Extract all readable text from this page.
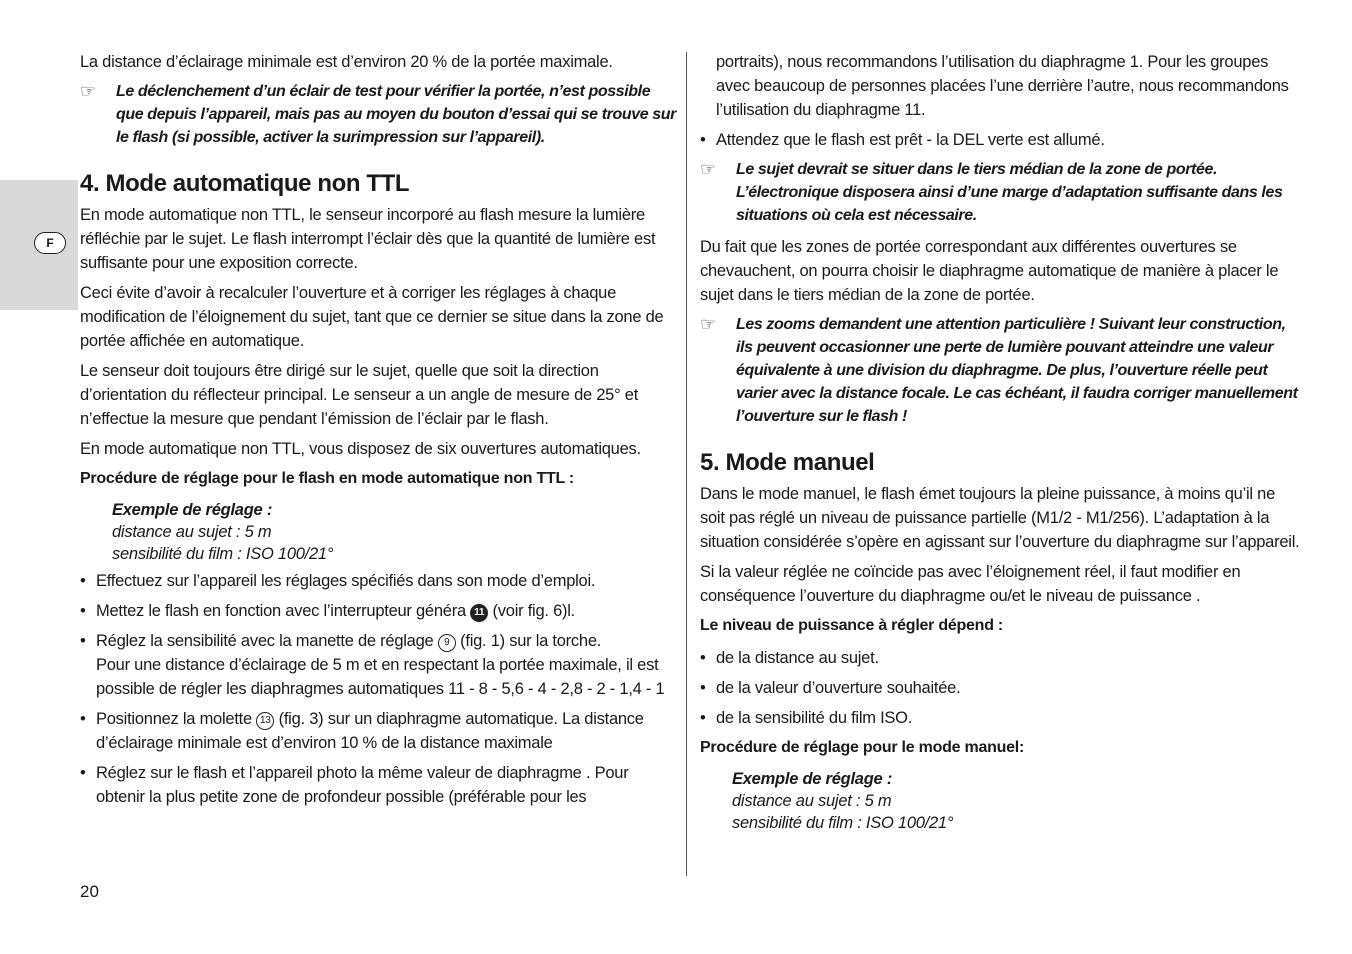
F

La distance d’éclairage minimale est d’environ 20 % de la portée maximale.

☞	Le déclenchement d’un éclair de test pour vérifier la portée, n’est possible que depuis l’appareil, mais pas au moyen du bouton d’essai qui se trouve sur le flash (si possible, activer la surimpression sur l’appareil).
4. Mode automatique non TTL

En mode automatique non TTL, le senseur incorporé au flash mesure la lumière réfléchie par le sujet. Le flash interrompt l’éclair dès que la quantité de lumière est suffisante pour une exposition correcte.

Ceci évite d’avoir à recalculer l’ouverture et à corriger les réglages à chaque modification de l’éloignement du sujet, tant que ce dernier se situe dans la zone de portée affichée en automatique.

Le senseur doit toujours être dirigé sur le sujet, quelle que soit la direction d’orientation du réflecteur principal. Le senseur a un angle de mesure de 25° et n’effectue la mesure que pendant l’émission de l’éclair par le flash.

En mode automatique non TTL, vous disposez de six ouvertures automatiques.

Procédure de réglage pour le flash en mode automatique non TTL :
Exemple de réglage :
distance au sujet : 5 m
sensibilité du film : ISO 100/21°
• Effectuez sur l’appareil les réglages spécifiés dans son mode d’emploi.
• Mettez le flash en fonction avec l’interrupteur généra 11 (voir fig. 6)l.
• Réglez la sensibilité avec la manette de réglage 9 (fig. 1) sur la torche.
Pour une distance d’éclairage de 5 m et en respectant la portée maximale, il est possible de régler les diaphragmes automatiques 11 - 8 - 5,6 - 4 - 2,8 - 2 - 1,4 - 1
• Positionnez la molette 13 (fig. 3) sur un diaphragme automatique. La distance d’éclairage minimale est d’environ 10 % de la distance maximale
• Réglez sur le flash et l’appareil photo la même valeur de diaphragme . Pour obtenir la plus petite zone de profondeur possible (préférable pour les

portraits), nous recommandons l’utilisation du diaphragme 1. Pour les groupes avec beaucoup de personnes placées l’une derrière l’autre, nous recommandons l’utilisation du diaphragme 11.

• Attendez que le flash est prêt - la DEL verte est allumé.
☞	Le sujet devrait se situer dans le tiers médian de la zone de portée. L’électronique disposera ainsi d’une marge d’adaptation suffisante dans les situations où cela est nécessaire.

Du fait que les zones de portée correspondant aux différentes ouvertures se chevauchent, on pourra choisir le diaphragme automatique de manière à placer le sujet dans le tiers médian de la zone de portée.

☞	Les zooms demandent une attention particulière ! Suivant leur construction, ils peuvent occasionner une perte de lumière pouvant atteindre une valeur équivalente à une division du diaphragme. De plus, l’ouverture réelle peut varier avec la distance focale. Le cas échéant, il faudra corriger manuellement l’ouverture sur le flash !
5. Mode manuel

Dans le mode manuel, le flash émet toujours la pleine puissance, à moins qu’il ne soit pas réglé un niveau de puissance partielle (M1/2 - M1/256). L’adaptation à la situation considérée s’opère en agissant sur l’ouverture du diaphragme sur l’appareil.

Si la valeur réglée ne coïncide pas avec l’éloignement réel, il faut modifier en conséquence l’ouverture du diaphragme ou/et le niveau de puissance .

Le niveau de puissance à régler dépend :
• de la distance au sujet.
• de la valeur d’ouverture souhaitée.
• de la sensibilité du film ISO.
Procédure de réglage pour le mode manuel:
Exemple de réglage :
distance au sujet : 5 m
sensibilité du film : ISO 100/21°
20
